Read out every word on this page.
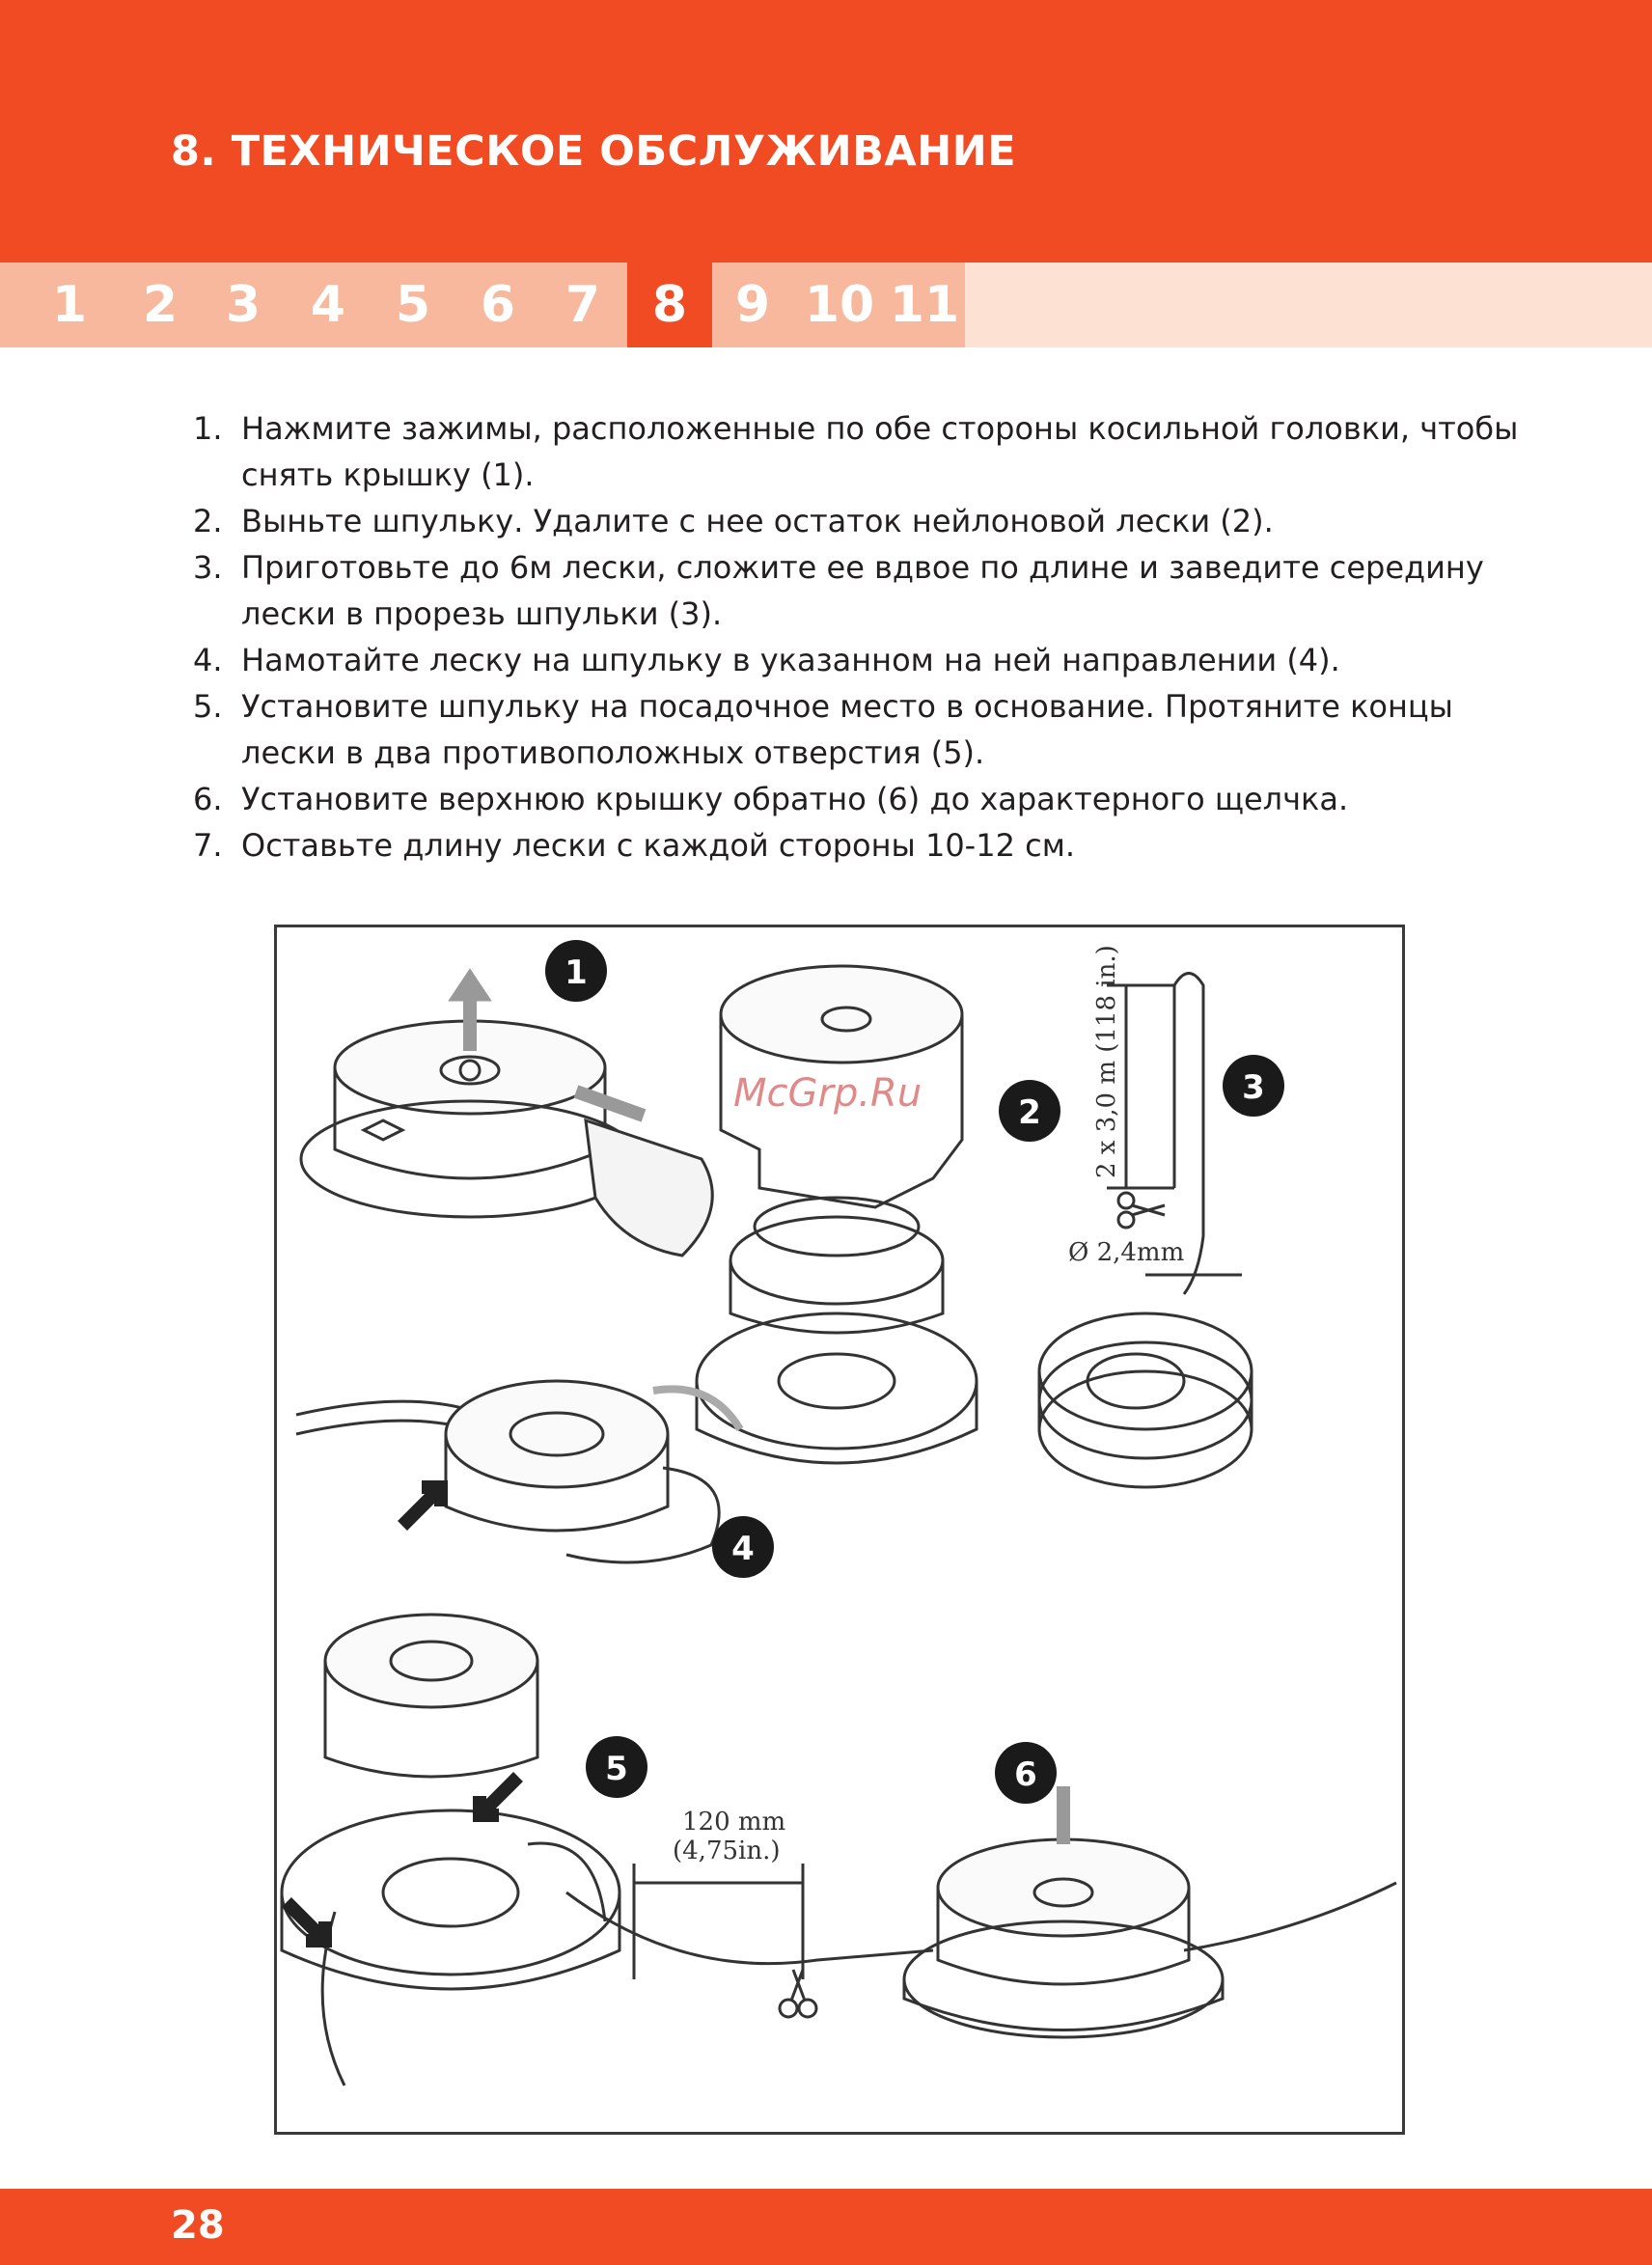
8. ТЕХНИЧЕСКОЕ ОБСЛУЖИВАНИЕ
1	2 3 4 5 6 7	8 9 10 11
1. Нажмите зажимы, расположенные по обе стороны косильной головки, чтобы снять крышку (1).
2. Выньте шпульку. Удалите с нее остаток нейлоновой лески (2).
3. Приготовьте до 6м лески, сложите ее вдвое по длине и заведите середину лески в прорезь шпульки (3).
4. Намотайте леску на шпульку в указанном на ней направлении (4).
5. Установите шпульку на посадочное место в основание. Протяните концы лески в два противоположных отверстия (5).
6. Установите верхнюю крышку обратно (6) до характерного щелчка.
7. Оставьте длину лески с каждой стороны 10-12 см.
1
2
3
4
5	6
2 x 3,0 m (118 in.)
Ø 2,4mm
120 mm
(4,75in.)
McGrp.Ru
28
